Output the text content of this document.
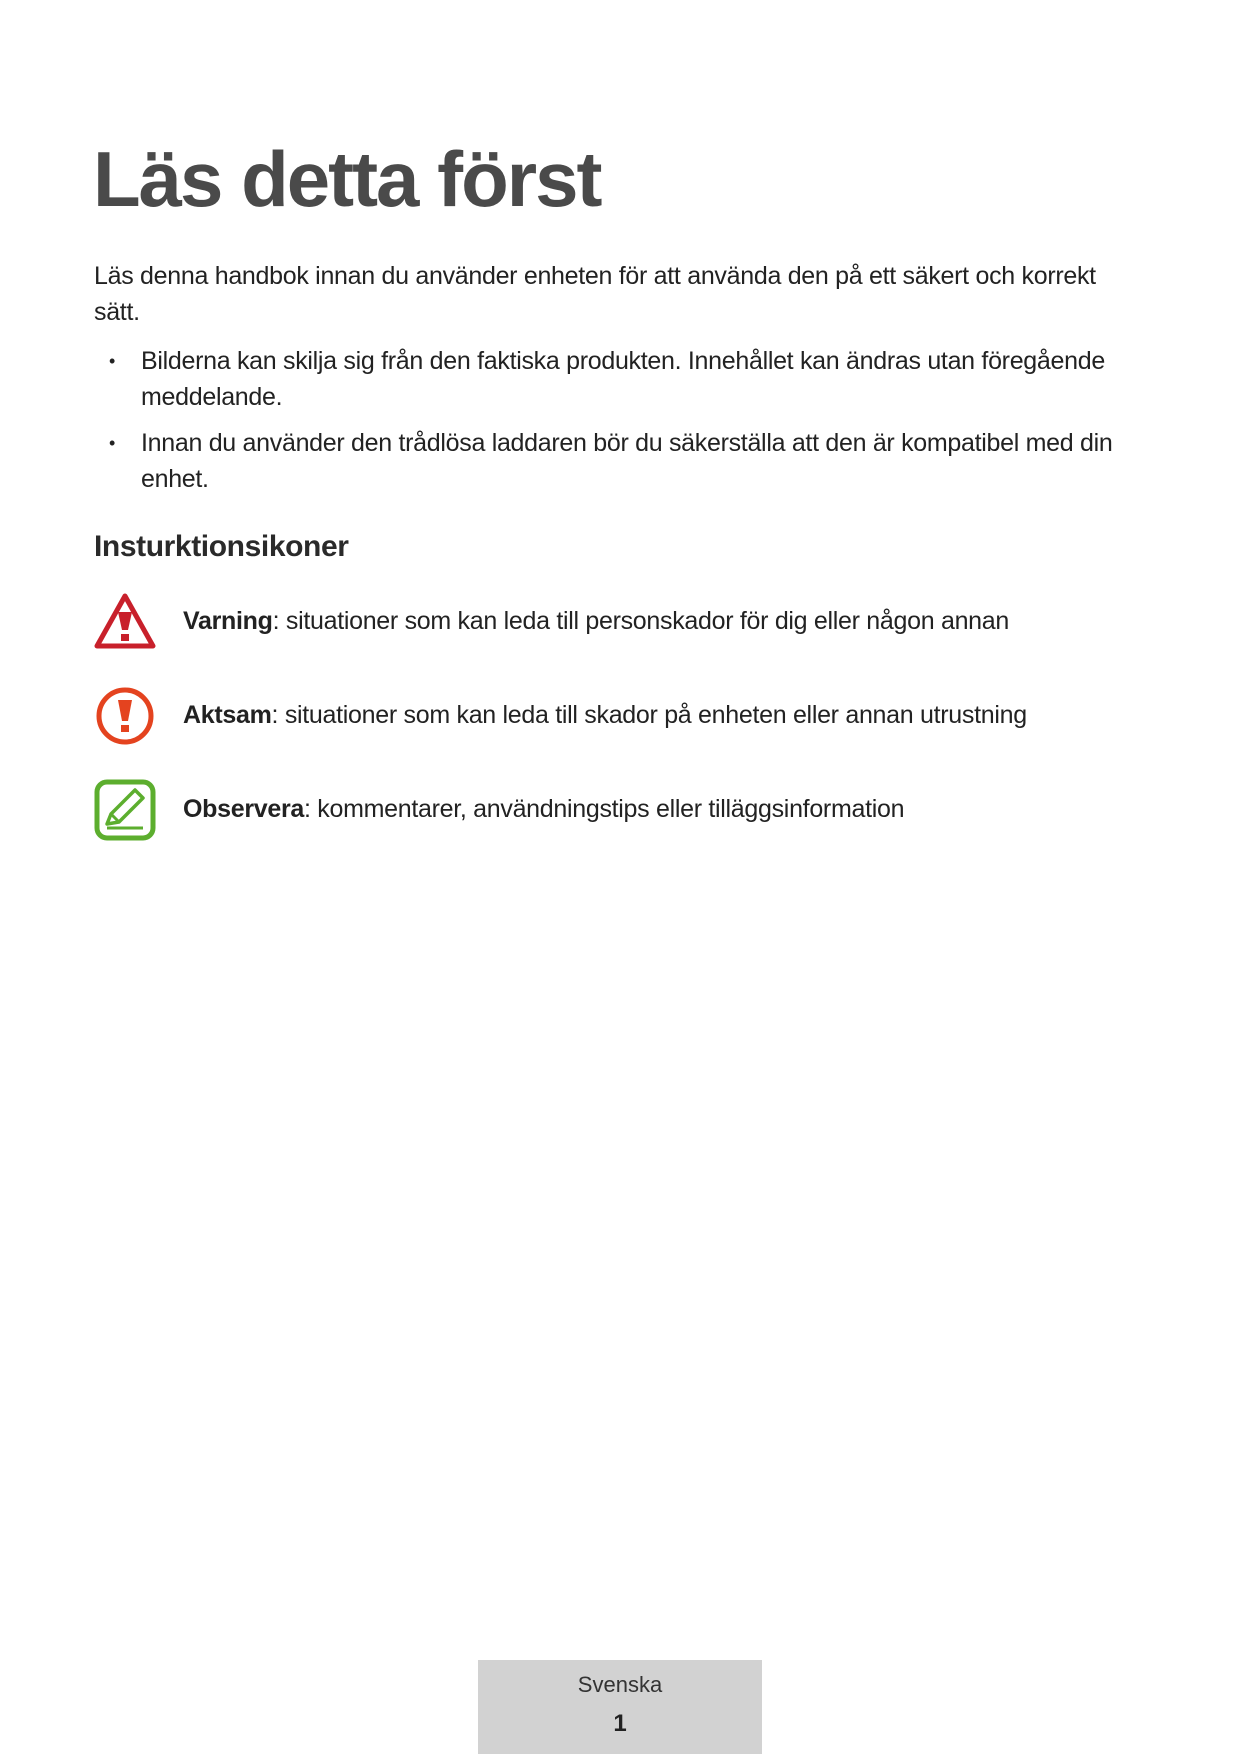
Läs detta först

Läs denna handbok innan du använder enheten för att använda den på ett säkert och korrekt sätt.

• Bilderna kan skilja sig från den faktiska produkten. Innehållet kan ändras utan föregående meddelande.
• Innan du använder den trådlösa laddaren bör du säkerställa att den är kompatibel med din enhet.
Insturktionsikoner
Varning: situationer som kan leda till personskador för dig eller någon annan
Aktsam: situationer som kan leda till skador på enheten eller annan utrustning
Observera: kommentarer, användningstips eller tilläggsinformation
Svenska
1
